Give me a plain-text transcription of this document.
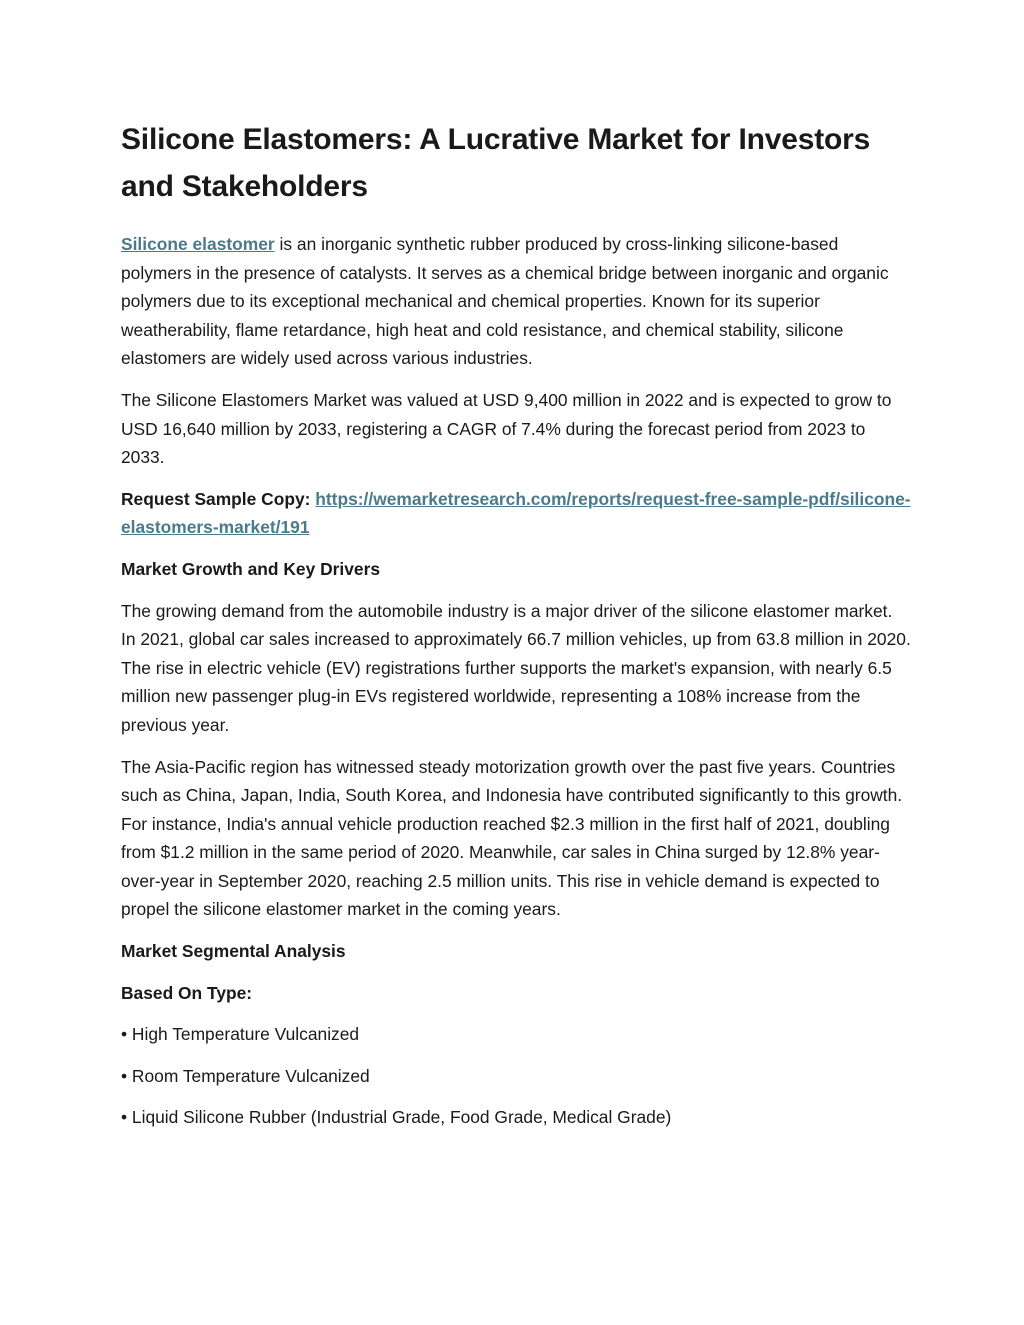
Silicone Elastomers: A Lucrative Market for Investors and Stakeholders

Silicone elastomer is an inorganic synthetic rubber produced by cross-linking silicone-based polymers in the presence of catalysts. It serves as a chemical bridge between inorganic and organic polymers due to its exceptional mechanical and chemical properties. Known for its superior weatherability, flame retardance, high heat and cold resistance, and chemical stability, silicone elastomers are widely used across various industries.

The Silicone Elastomers Market was valued at USD 9,400 million in 2022 and is expected to grow to USD 16,640 million by 2033, registering a CAGR of 7.4% during the forecast period from 2023 to 2033.

Request Sample Copy: https://wemarketresearch.com/reports/request-free-sample-pdf/silicone-elastomers-market/191

Market Growth and Key Drivers

The growing demand from the automobile industry is a major driver of the silicone elastomer market. In 2021, global car sales increased to approximately 66.7 million vehicles, up from 63.8 million in 2020. The rise in electric vehicle (EV) registrations further supports the market's expansion, with nearly 6.5 million new passenger plug-in EVs registered worldwide, representing a 108% increase from the previous year.

The Asia-Pacific region has witnessed steady motorization growth over the past five years. Countries such as China, Japan, India, South Korea, and Indonesia have contributed significantly to this growth. For instance, India's annual vehicle production reached $2.3 million in the first half of 2021, doubling from $1.2 million in the same period of 2020. Meanwhile, car sales in China surged by 12.8% year-over-year in September 2020, reaching 2.5 million units. This rise in vehicle demand is expected to propel the silicone elastomer market in the coming years.

Market Segmental Analysis

Based On Type:

• High Temperature Vulcanized

• Room Temperature Vulcanized

• Liquid Silicone Rubber (Industrial Grade, Food Grade, Medical Grade)
